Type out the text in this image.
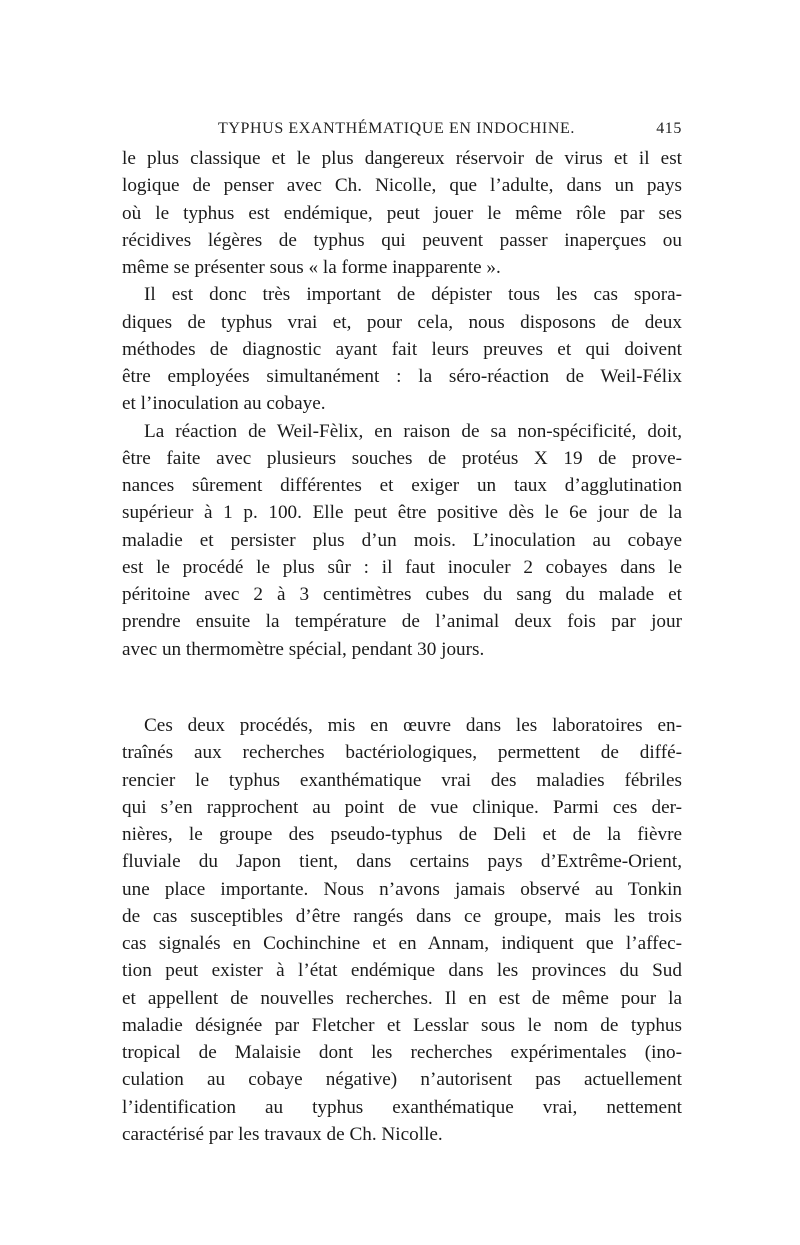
TYPHUS EXANTHÉMATIQUE EN INDOCHINE.	415
le plus classique et le plus dangereux réservoir de virus et il est
logique de penser avec Ch. Nicolle, que l’adulte, dans un pays
où le typhus est endémique, peut jouer le même rôle par ses
récidives légères de typhus qui peuvent passer inaperçues ou
même se présenter sous « la forme inapparente ».
Il est donc très important de dépister tous les cas spora-
diques de typhus vrai et, pour cela, nous disposons de deux
méthodes de diagnostic ayant fait leurs preuves et qui doivent
être employées simultanément : la séro-réaction de Weil-Félix
et l’inoculation au cobaye.
La réaction de Weil-Fèlix, en raison de sa non-spécificité, doit,
être faite avec plusieurs souches de protéus X 19 de prove-
nances sûrement différentes et exiger un taux d’agglutination
supérieur à 1 p. 100. Elle peut être positive dès le 6e jour de la
maladie et persister plus d’un mois. L’inoculation au cobaye
est le procédé le plus sûr : il faut inoculer 2 cobayes dans le
péritoine avec 2 à 3 centimètres cubes du sang du malade et
prendre ensuite la température de l’animal deux fois par jour
avec un thermomètre spécial, pendant 30 jours.
Ces deux procédés, mis en œuvre dans les laboratoires en-
traînés aux recherches bactériologiques, permettent de diffé-
rencier le typhus exanthématique vrai des maladies fébriles
qui s’en rapprochent au point de vue clinique. Parmi ces der-
nières, le groupe des pseudo-typhus de Deli et de la fièvre
fluviale du Japon tient, dans certains pays d’Extrême-Orient,
une place importante. Nous n’avons jamais observé au Tonkin
de cas susceptibles d’être rangés dans ce groupe, mais les trois
cas signalés en Cochinchine et en Annam, indiquent que l’affec-
tion peut exister à l’état endémique dans les provinces du Sud
et appellent de nouvelles recherches. Il en est de même pour la
maladie désignée par Fletcher et Lesslar sous le nom de typhus
tropical de Malaisie dont les recherches expérimentales (ino-
culation au cobaye négative) n’autorisent pas actuellement
l’identification au typhus exanthématique vrai, nettement
caractérisé par les travaux de Ch. Nicolle.
